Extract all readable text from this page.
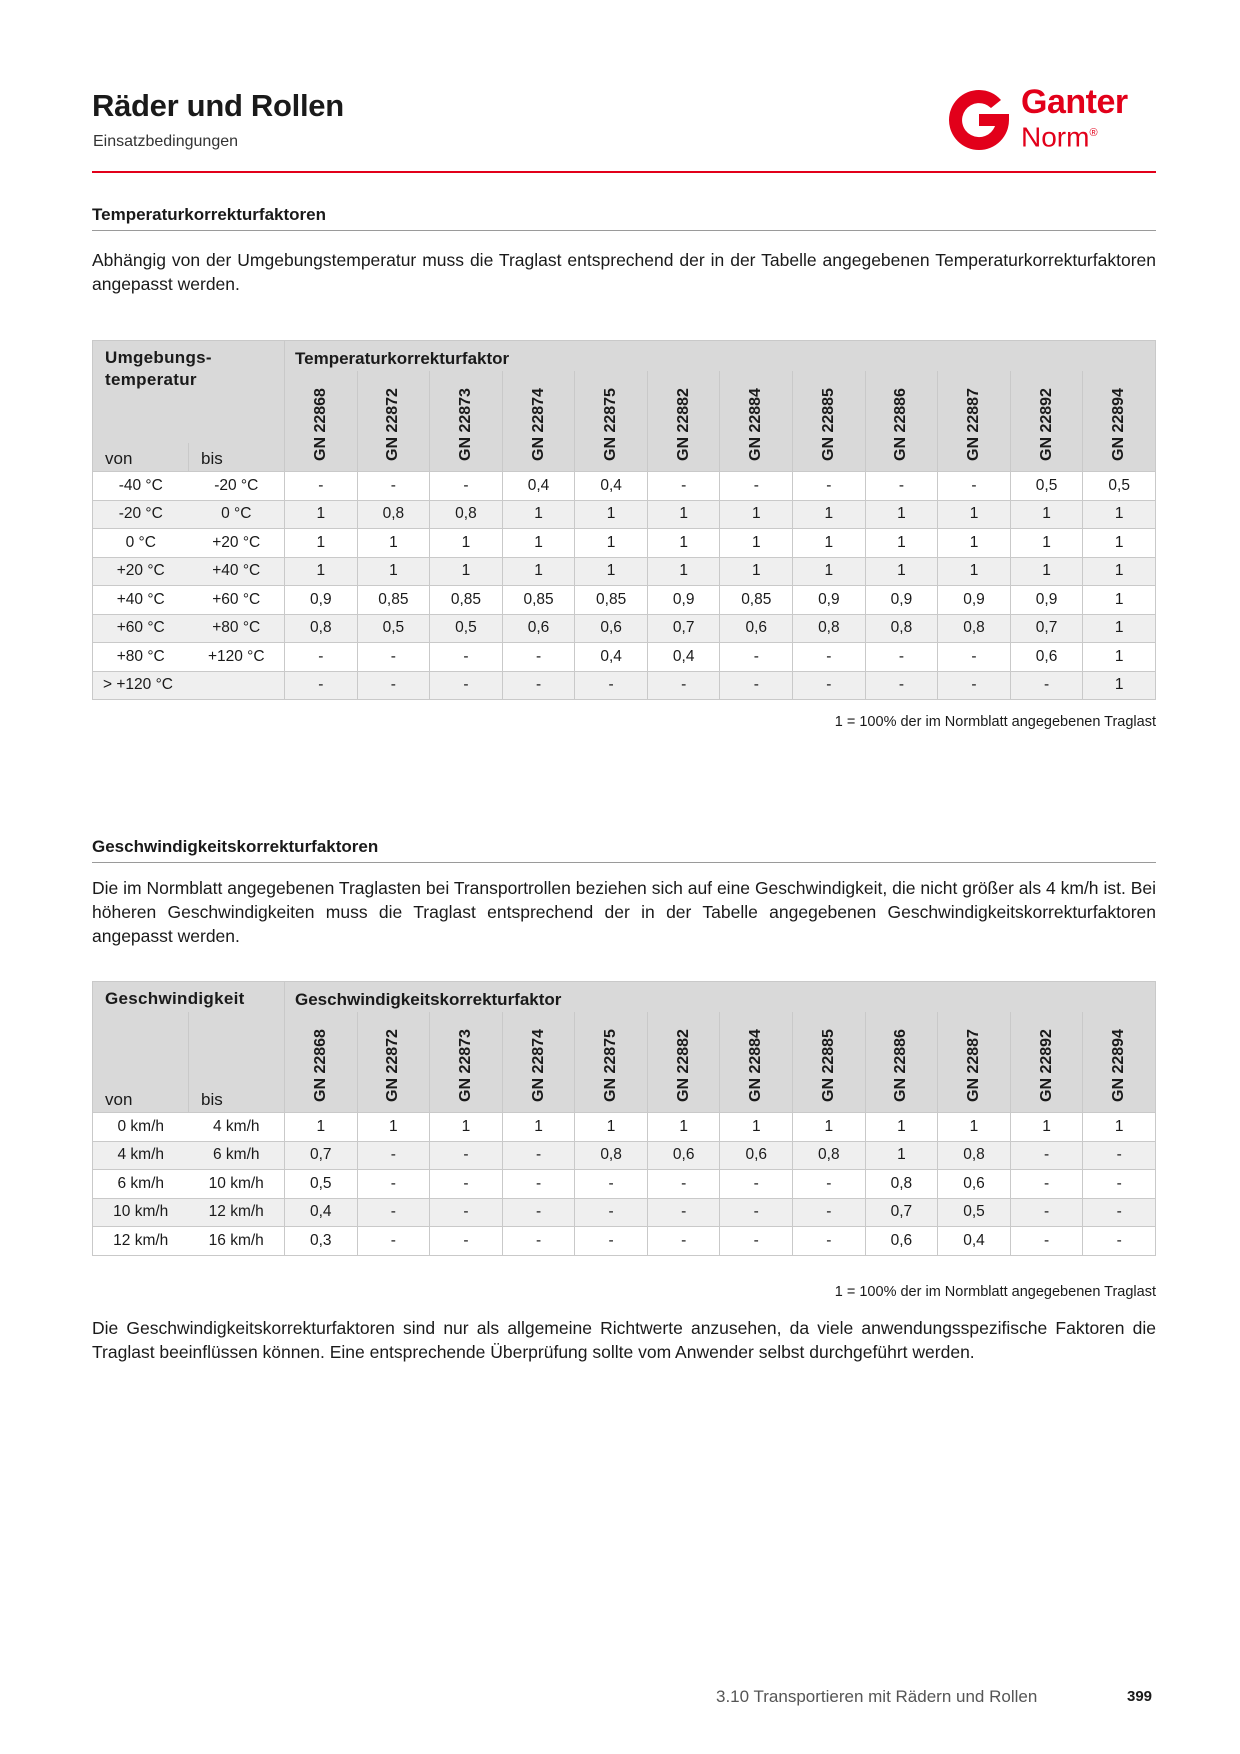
Räder und Rollen
Einsatzbedingungen
Ganter
Norm®
Temperaturkorrekturfaktoren
Abhängig von der Umgebungstemperatur muss die Traglast entsprechend der in der Tabelle angegebenen Temperaturkorrekturfaktoren angepasst werden.
Umgebungs-
temperatur		Temperaturkorrekturfaktor											

		GN 22868	GN 22872	GN 22873	GN 22874	GN 22875	GN 22882	GN 22884	GN 22885	GN 22886	GN 22887	GN 22892	GN 22894

von	bis												
-40 °C	-20 °C	-	-	-	0,4	0,4	-	-	-	-	-	0,5	0,5
-20 °C	0 °C	1	0,8	0,8	1	1	1	1	1	1	1	1	1
0 °C	+20 °C	1	1	1	1	1	1	1	1	1	1	1	1
+20 °C	+40 °C	1	1	1	1	1	1	1	1	1	1	1	1
+40 °C	+60 °C	0,9	0,85	0,85	0,85	0,85	0,9	0,85	0,9	0,9	0,9	0,9	1
+60 °C	+80 °C	0,8	0,5	0,5	0,6	0,6	0,7	0,6	0,8	0,8	0,8	0,7	1
+80 °C	+120 °C	-	-	-	-	0,4	0,4	-	-	-	-	0,6	1
> +120 °C		-	-	-	-	-	-	-	-	-	-	-	1
1 = 100% der im Normblatt angegebenen Traglast
Geschwindigkeitskorrekturfaktoren
Die im Normblatt angegebenen Traglasten bei Transportrollen beziehen sich auf eine Geschwindigkeit, die nicht größer als 4 km/h ist. Bei höheren Geschwindigkeiten muss die Traglast entsprechend der in der Tabelle angegebenen Geschwindigkeitskorrekturfaktoren angepasst werden.
Geschwindigkeit		Geschwindigkeitskorrekturfaktor											

		GN 22868	GN 22872	GN 22873	GN 22874	GN 22875	GN 22882	GN 22884	GN 22885	GN 22886	GN 22887	GN 22892	GN 22894

von	bis												
0 km/h	4 km/h	1	1	1	1	1	1	1	1	1	1	1	1
4 km/h	6 km/h	0,7	-	-	-	0,8	0,6	0,6	0,8	1	0,8	-	-
6 km/h	10 km/h	0,5	-	-	-	-	-	-	-	0,8	0,6	-	-
10 km/h	12 km/h	0,4	-	-	-	-	-	-	-	0,7	0,5	-	-
12 km/h	16 km/h	0,3	-	-	-	-	-	-	-	0,6	0,4	-	-
1 = 100% der im Normblatt angegebenen Traglast
Die Geschwindigkeitskorrekturfaktoren sind nur als allgemeine Richtwerte anzusehen, da viele anwendungsspezifische Faktoren die Traglast beeinflüssen können. Eine entsprechende Überprüfung sollte vom Anwender selbst durchgeführt werden.
3.10 Transportieren mit Rädern und Rollen	399
